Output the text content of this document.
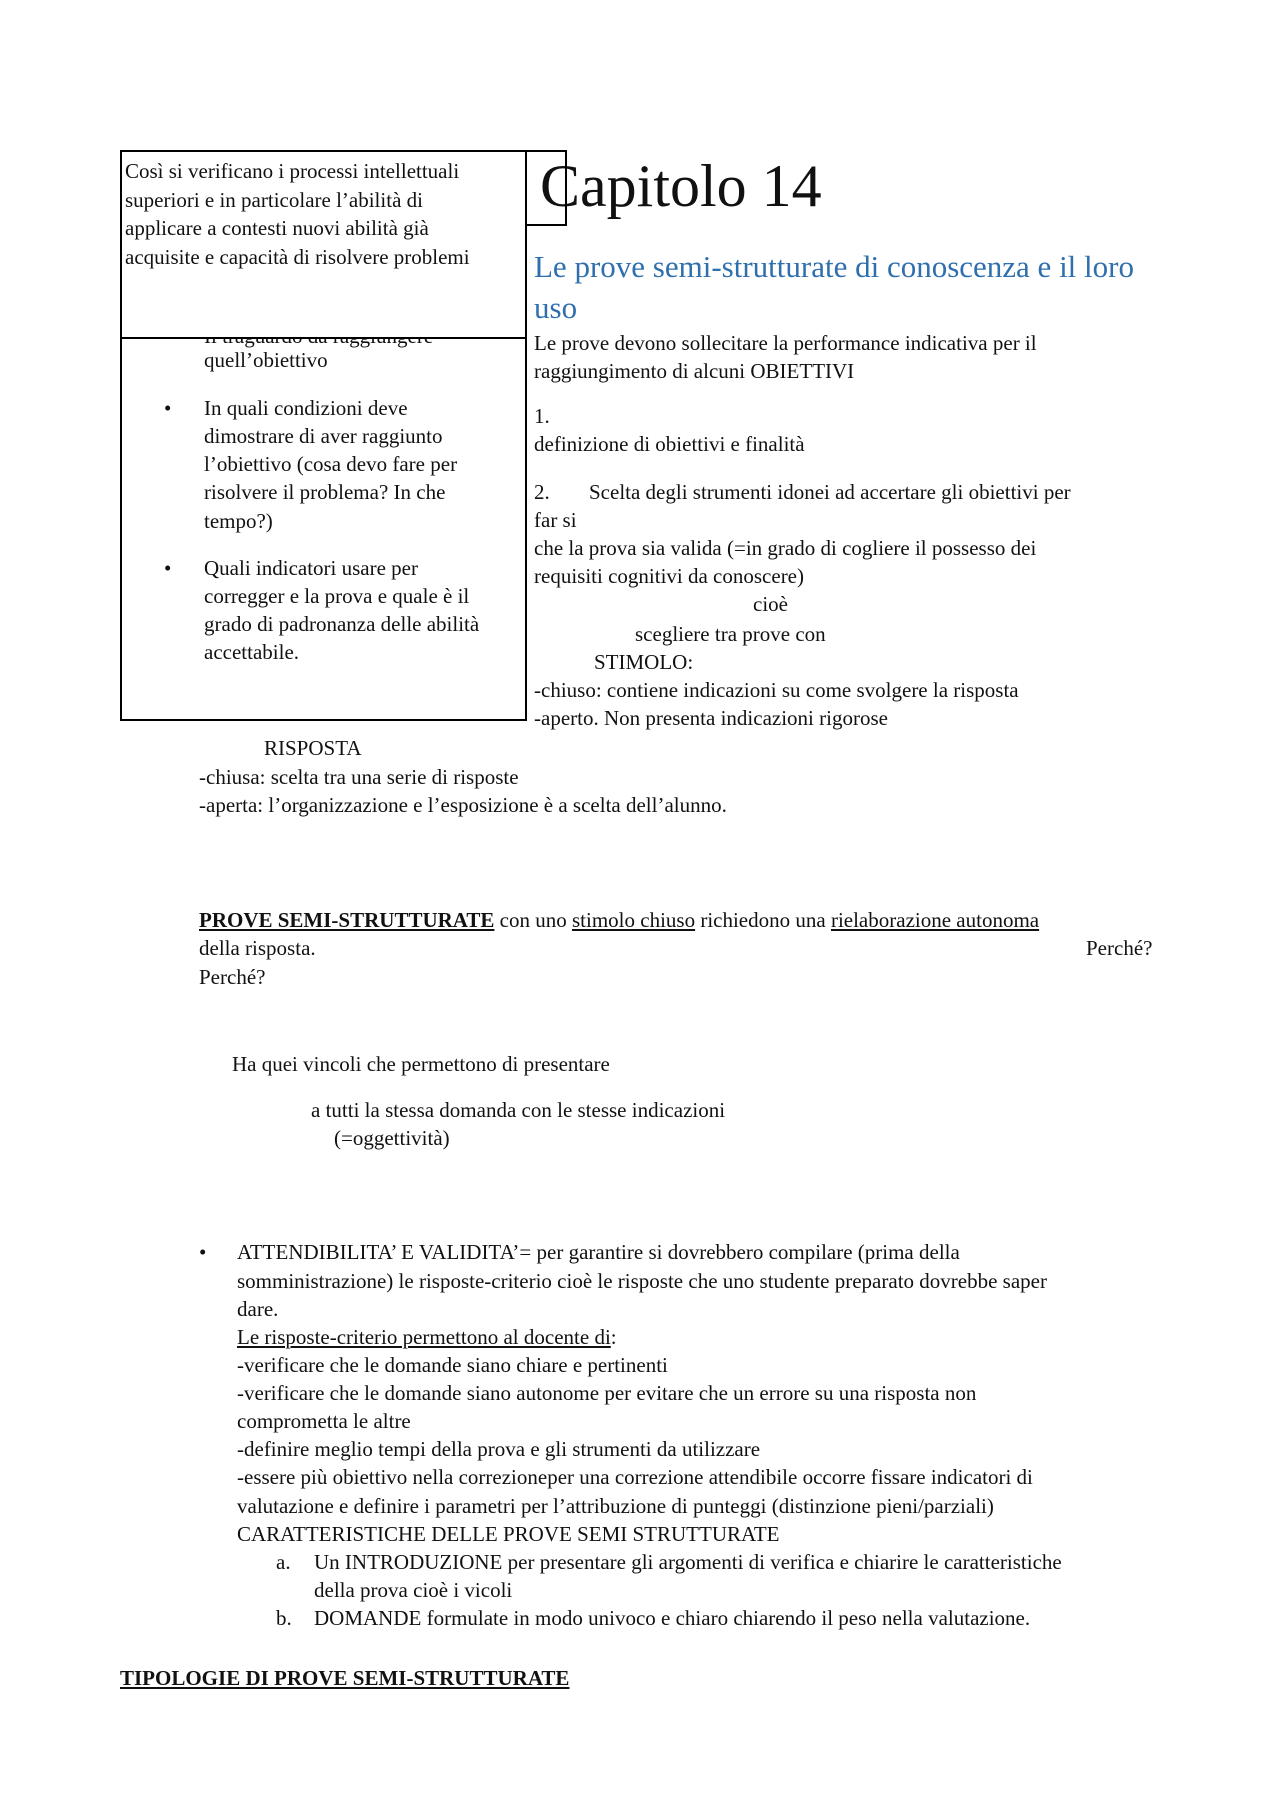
Capitolo 14
Le prove semi-strutturate di conoscenza e il loro uso
Le prove devono sollecitare la performance indicativa per il
raggiungimento di alcuni OBIETTIVI
1.
definizione di obiettivi e finalità
2. Scelta degli strumenti idonei ad accertare gli obiettivi per
far si
che la prova sia valida (=in grado di cogliere il possesso dei
requisiti cognitivi da conoscere)
cioè
scegliere tra prove con
STIMOLO:
-chiuso: contiene indicazioni su come svolgere la risposta
-aperto. Non presenta indicazioni rigorose
quell’obiettivo
• In quali condizioni deve
dimostrare di aver raggiunto
l’obiettivo (cosa devo fare per
risolvere il problema? In che
tempo?)
• Quali indicatori usare per
corregger e la prova e quale è il
grado di padronanza delle abilità
accettabile.
Così si verificano i processi intellettuali
superiori e in particolare l’abilità di
applicare a contesti nuovi abilità già
acquisite e capacità di risolvere problemi
RISPOSTA
-chiusa: scelta tra una serie di risposte
-aperta: l’organizzazione e l’esposizione è a scelta dell’alunno.
PROVE SEMI-STRUTTURATE con uno stimolo chiuso richiedono una rielaborazione autonoma
della risposta.	Perché?
Perché?
Ha quei vincoli che permettono di presentare
a tutti la stessa domanda con le stesse indicazioni
(=oggettività)
• ATTENDIBILITA’ E VALIDITA’= per garantire si dovrebbero compilare (prima della
somministrazione) le risposte-criterio cioè le risposte che uno studente preparato dovrebbe saper
dare.
Le risposte-criterio permettono al docente di:
-verificare che le domande siano chiare e pertinenti
-verificare che le domande siano autonome per evitare che un errore su una risposta non
comprometta le altre
-definire meglio tempi della prova e gli strumenti da utilizzare
-essere più obiettivo nella correzioneper una correzione attendibile occorre fissare indicatori di
valutazione e definire i parametri per l’attribuzione di punteggi (distinzione pieni/parziali)
CARATTERISTICHE DELLE PROVE SEMI STRUTTURATE
a. Un INTRODUZIONE per presentare gli argomenti di verifica e chiarire le caratteristiche
della prova cioè i vicoli
b. DOMANDE formulate in modo univoco e chiaro chiarendo il peso nella valutazione.
TIPOLOGIE DI PROVE SEMI-STRUTTURATE
